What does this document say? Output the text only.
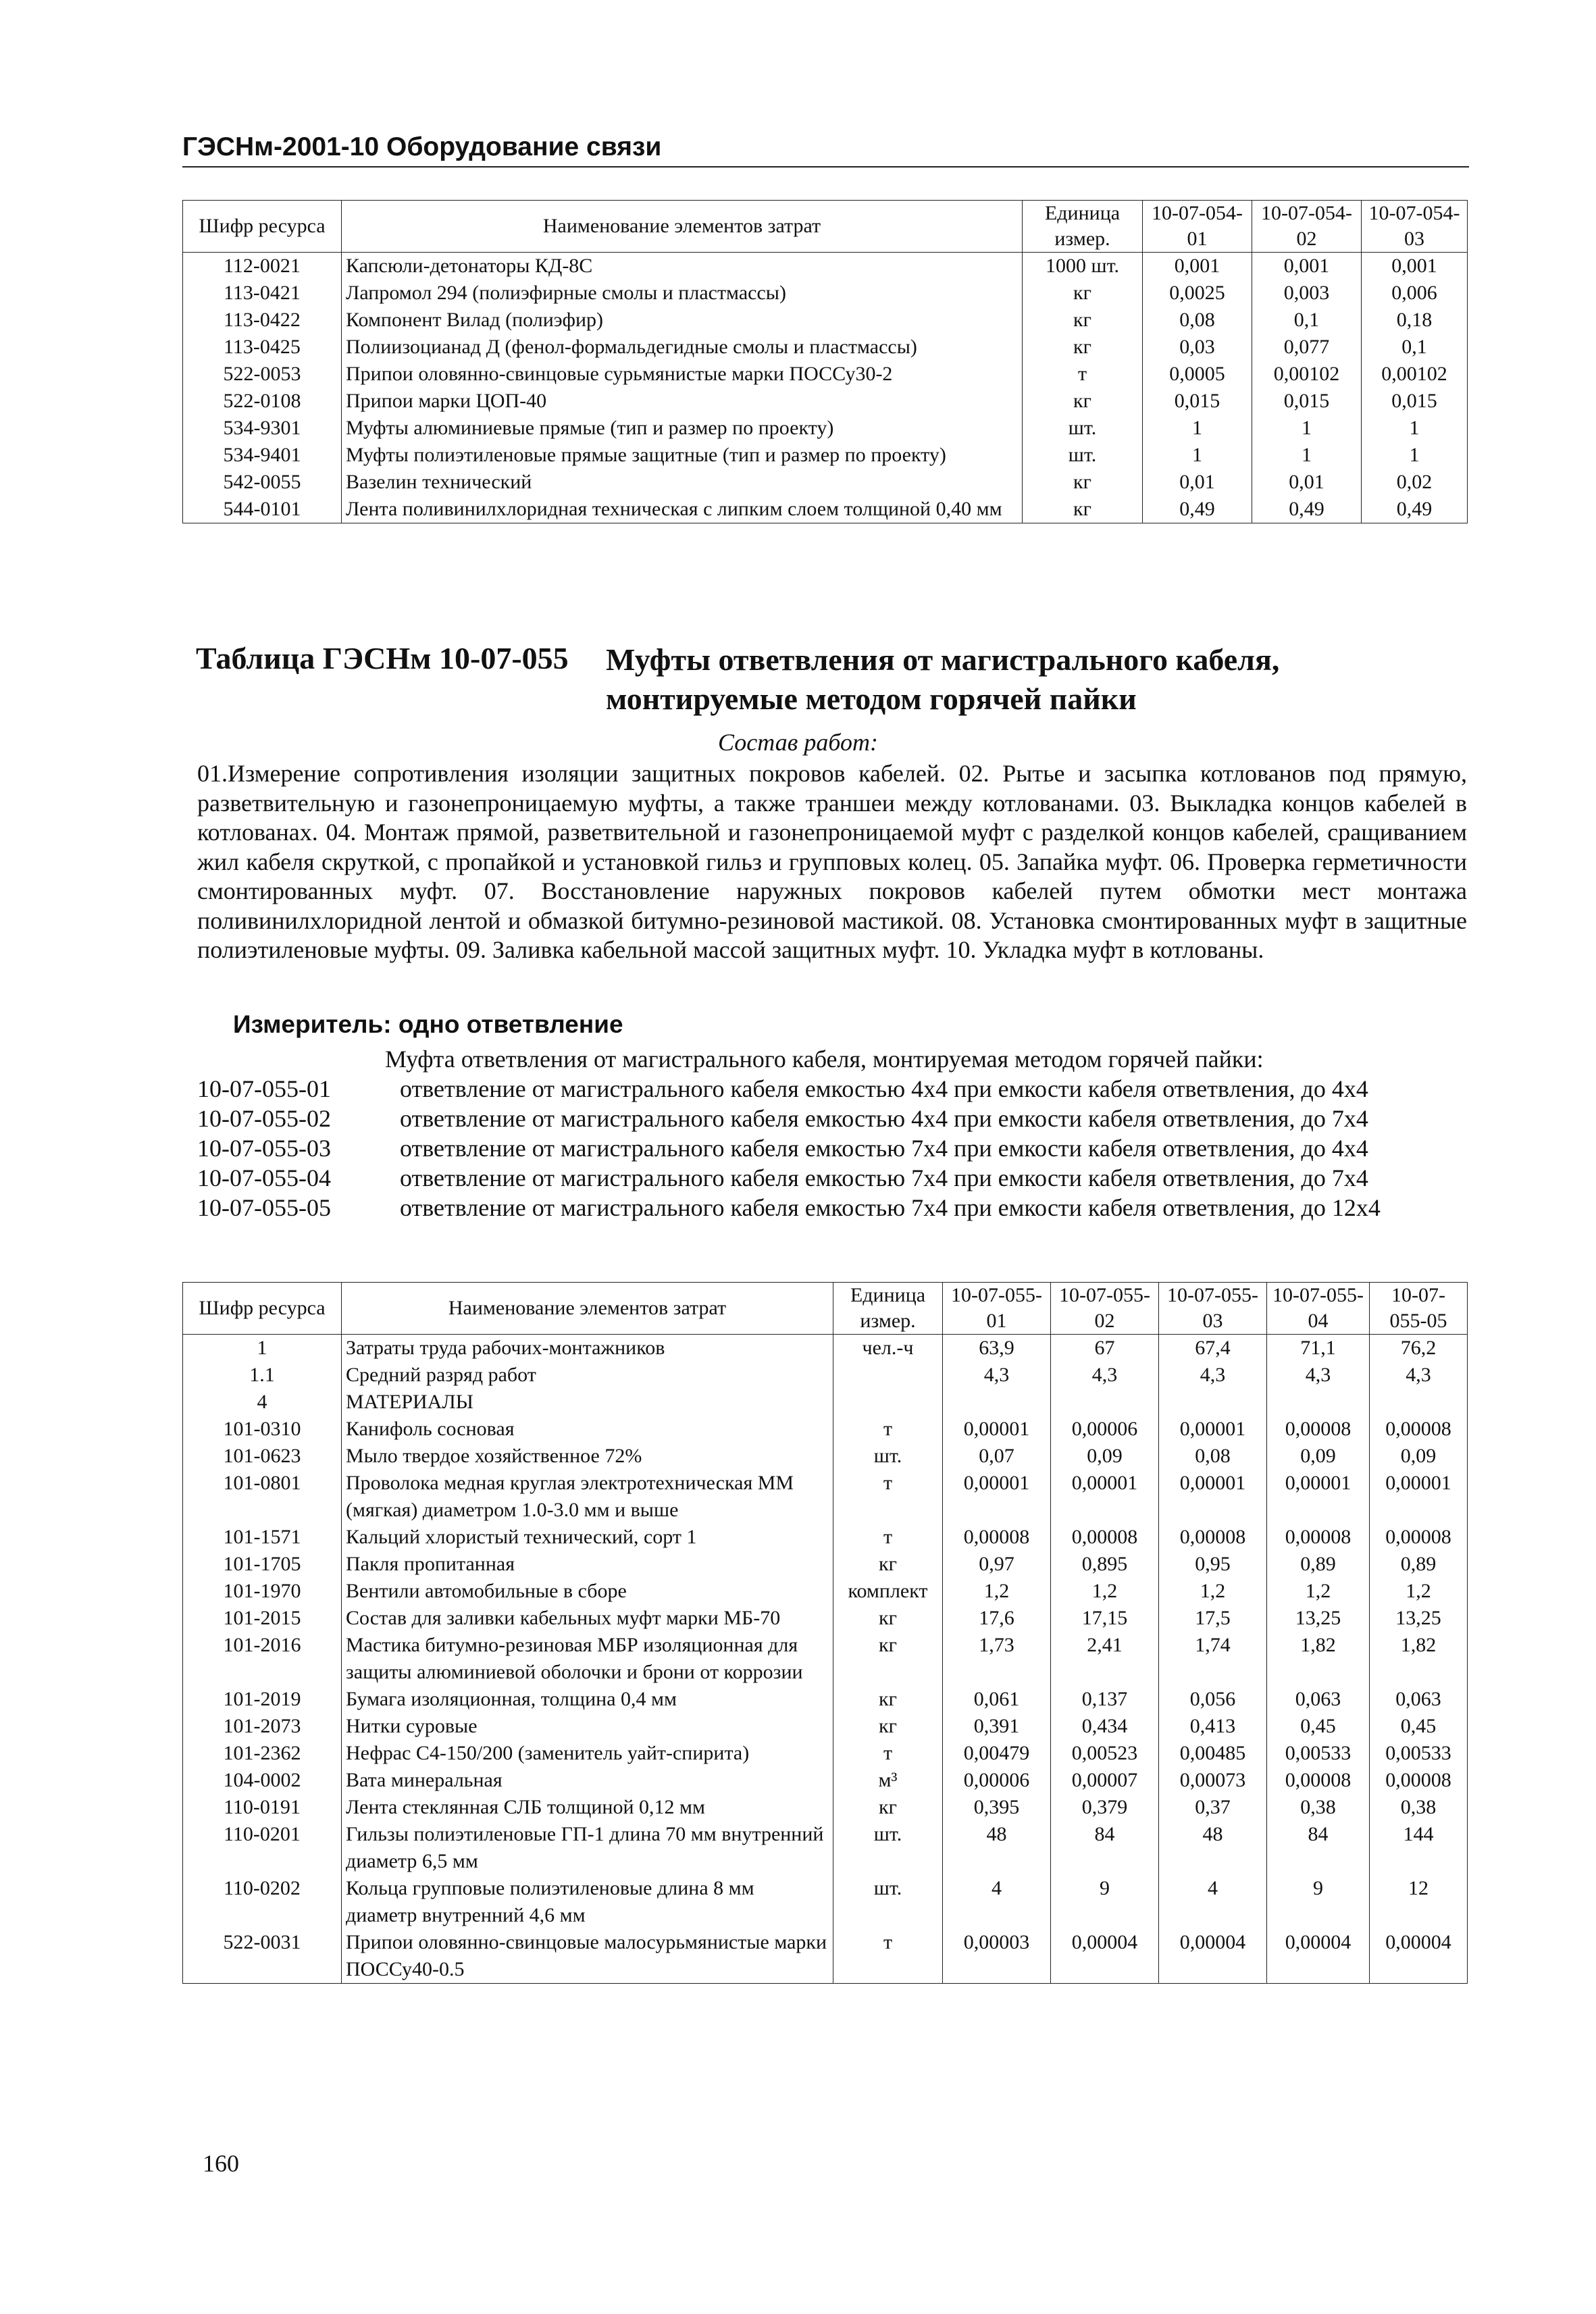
ГЭСНм-2001-10 Оборудование связи
Шифр ресурса	Наименование элементов затрат	Единица измер.	10-07-054-01	10-07-054-02	10-07-054-03
112-0021	Капсюли-детонаторы КД-8С	1000 шт.	0,001	0,001	0,001
113-0421	Лапромол 294 (полиэфирные смолы и пластмассы)	кг	0,0025	0,003	0,006
113-0422	Компонент Вилад (полиэфир)	кг	0,08	0,1	0,18
113-0425	Полиизоцианад Д (фенол-формальдегидные смолы и пластмассы)	кг	0,03	0,077	0,1
522-0053	Припои оловянно-свинцовые сурьмянистые марки ПОССу30-2	т	0,0005	0,00102	0,00102
522-0108	Припои марки ЦОП-40	кг	0,015	0,015	0,015
534-9301	Муфты алюминиевые прямые (тип и размер по проекту)	шт.	1	1	1
534-9401	Муфты полиэтиленовые прямые защитные (тип и размер по проекту)	шт.	1	1	1
542-0055	Вазелин технический	кг	0,01	0,01	0,02
544-0101	Лента поливинилхлоридная техническая с липким слоем толщиной 0,40 мм	кг	0,49	0,49	0,49
Таблица ГЭСНм 10-07-055 Муфты ответвления от магистрального кабеля,
монтируемые методом горячей пайки
Состав работ:

01.Измерение сопротивления изоляции защитных покровов кабелей. 02. Рытье и засыпка котлованов под прямую, разветвительную и газонепроницаемую муфты, а также траншеи между котлованами. 03. Выкладка концов кабелей в котлованах. 04. Монтаж прямой, разветвительной и газонепроницаемой муфт с разделкой концов кабелей, сращиванием жил кабеля скруткой, с пропайкой и установкой гильз и групповых колец. 05. Запайка муфт. 06. Проверка герметичности смонтированных муфт. 07. Восстановление наружных покровов кабелей путем обмотки мест монтажа поливинилхлоридной лентой и обмазкой битумно-резиновой мастикой. 08. Установка смонтированных муфт в защитные полиэтиленовые муфты. 09. Заливка кабельной массой защитных муфт. 10. Укладка муфт в котлованы.

Измеритель: одно ответвление
Муфта ответвления от магистрального кабеля, монтируемая методом горячей пайки:
10-07-055-01	ответвление от магистрального кабеля емкостью 4х4 при емкости кабеля ответвления, до 4х4
10-07-055-02	ответвление от магистрального кабеля емкостью 4х4 при емкости кабеля ответвления, до 7х4
10-07-055-03	ответвление от магистрального кабеля емкостью 7х4 при емкости кабеля ответвления, до 4х4
10-07-055-04	ответвление от магистрального кабеля емкостью 7х4 при емкости кабеля ответвления, до 7х4
10-07-055-05	ответвление от магистрального кабеля емкостью 7х4 при емкости кабеля ответвления, до 12х4
Шифр ресурса	Наименование элементов затрат	Единица измер.	10-07-055-01	10-07-055-02	10-07-055-03	10-07-055-04	10-07-055-05
1	Затраты труда рабочих-монтажников	чел.-ч	63,9	67	67,4	71,1	76,2
1.1	Средний разряд работ		4,3	4,3	4,3	4,3	4,3
4	МАТЕРИАЛЫ						
101-0310	Канифоль сосновая	т	0,00001	0,00006	0,00001	0,00008	0,00008
101-0623	Мыло твердое хозяйственное 72%	шт.	0,07	0,09	0,08	0,09	0,09
101-0801	Проволока медная круглая электротехническая ММ (мягкая) диаметром 1.0-3.0 мм и выше	т	0,00001	0,00001	0,00001	0,00001	0,00001
101-1571	Кальций хлористый технический, сорт 1	т	0,00008	0,00008	0,00008	0,00008	0,00008
101-1705	Пакля пропитанная	кг	0,97	0,895	0,95	0,89	0,89
101-1970	Вентили автомобильные в сборе	комплект	1,2	1,2	1,2	1,2	1,2
101-2015	Состав для заливки кабельных муфт марки МБ-70	кг	17,6	17,15	17,5	13,25	13,25
101-2016	Мастика битумно-резиновая МБР изоляционная для защиты алюминиевой оболочки и брони от коррозии	кг	1,73	2,41	1,74	1,82	1,82
101-2019	Бумага изоляционная, толщина 0,4 мм	кг	0,061	0,137	0,056	0,063	0,063
101-2073	Нитки суровые	кг	0,391	0,434	0,413	0,45	0,45
101-2362	Нефрас С4-150/200 (заменитель уайт-спирита)	т	0,00479	0,00523	0,00485	0,00533	0,00533
104-0002	Вата минеральная	м³	0,00006	0,00007	0,00073	0,00008	0,00008
110-0191	Лента стеклянная СЛБ толщиной 0,12 мм	кг	0,395	0,379	0,37	0,38	0,38
110-0201	Гильзы полиэтиленовые ГП-1 длина 70 мм внутренний диаметр 6,5 мм	шт.	48	84	48	84	144
110-0202	Кольца групповые полиэтиленовые длина 8 мм диаметр внутренний 4,6 мм	шт.	4	9	4	9	12
522-0031	Припои оловянно-свинцовые малосурьмянистые марки ПОССу40-0.5	т	0,00003	0,00004	0,00004	0,00004	0,00004
160
